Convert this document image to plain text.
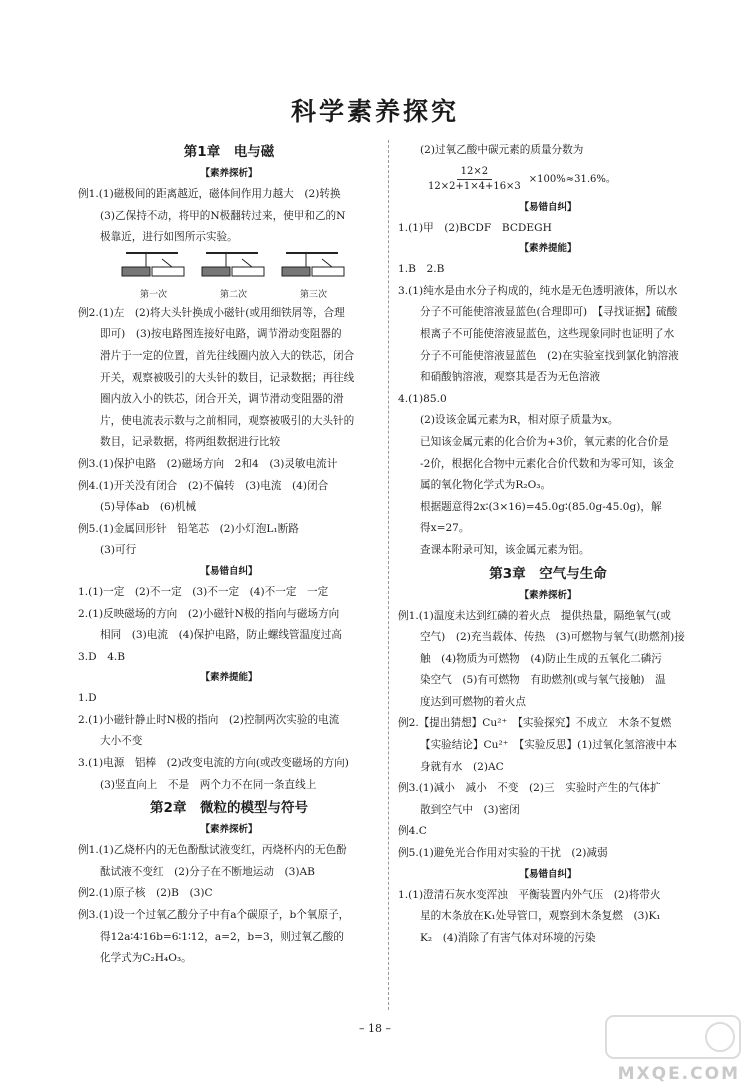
科学素养探究
第1章　电与磁
【素养探析】
例1.(1)磁极间的距离越近，磁体间作用力越大　(2)转换
(3)乙保持不动，将甲的N极翻转过来，使甲和乙的N
极靠近，进行如图所示实验。
第一次	第二次	第三次
例2.(1)左　(2)将大头针换成小磁针(或用细铁屑等，合理
即可)　(3)按电路图连接好电路，调节滑动变阻器的
滑片于一定的位置，首先往线圈内放入大的铁芯，闭合
开关，观察被吸引的大头针的数目，记录数据；再往线
圈内放入小的铁芯，闭合开关，调节滑动变阻器的滑
片，使电流表示数与之前相同，观察被吸引的大头针的
数目，记录数据，将两组数据进行比较
例3.(1)保护电路　(2)磁场方向　2和4　(3)灵敏电流计
例4.(1)开关没有闭合　(2)不偏转　(3)电流　(4)闭合
(5)导体ab　(6)机械
例5.(1)金属回形针　铅笔芯　(2)小灯泡L₁断路
(3)可行
【易错自纠】
1.(1)一定　(2)不一定　(3)不一定　(4)不一定　一定
2.(1)反映磁场的方向　(2)小磁针N极的指向与磁场方向
相同　(3)电流　(4)保护电路，防止螺线管温度过高
3.D　4.B
【素养提能】
1.D
2.(1)小磁针静止时N极的指向　(2)控制两次实验的电流
大小不变
3.(1)电源　铝棒　(2)改变电流的方向(或改变磁场的方向)
(3)竖直向上　不是　两个力不在同一条直线上
第2章　微粒的模型与符号
【素养探析】
例1.(1)乙烧杯内的无色酚酞试液变红，丙烧杯内的无色酚
酞试液不变红　(2)分子在不断地运动　(3)AB
例2.(1)原子核　(2)B　(3)C
例3.(1)设一个过氧乙酸分子中有a个碳原子，b个氧原子，
得12a∶4∶16b=6∶1∶12，a=2，b=3，则过氧乙酸的
化学式为C₂H₄O₃。
(2)过氧乙酸中碳元素的质量分数为
$\frac{12\times 2}{12\times 2+1\times 4+16\times 3} \times 100\%\approx 31.6\%$。
【易错自纠】
1.(1)甲　(2)BCDF　BCDEGH
【素养提能】
1.B　2.B
3.(1)纯水是由水分子构成的，纯水是无色透明液体，所以水
分子不可能使溶液显蓝色(合理即可)　【寻找证据】硫酸
根离子不可能使溶液显蓝色，这些现象同时也证明了水
分子不可能使溶液显蓝色　(2)在实验室找到氯化钠溶液
和硝酸钠溶液，观察其是否为无色溶液
4.(1)85.0
(2)设该金属元素为R，相对原子质量为x。
已知该金属元素的化合价为+3价，氧元素的化合价是
-2价，根据化合物中元素化合价代数和为零可知，该金
属的氧化物化学式为R₂O₃。
根据题意得2x∶(3×16)=45.0g∶(85.0g-45.0g)，解
得x=27。
查课本附录可知，该金属元素为铝。
第3章　空气与生命
【素养探析】
例1.(1)温度未达到红磷的着火点　提供热量，隔绝氧气(或
空气)　(2)充当载体、传热　(3)可燃物与氧气(助燃剂)接
触　(4)物质为可燃物　(4)防止生成的五氧化二磷污
染空气　(5)有可燃物　有助燃剂(或与氧气接触)　温
度达到可燃物的着火点
例2.【提出猜想】Cu²⁺　【实验探究】不成立　木条不复燃
【实验结论】Cu²⁺　【实验反思】(1)过氧化氢溶液中本
身就有水　(2)AC
例3.(1)减小　减小　不变　(2)三　实验时产生的气体扩
散到空气中　(3)密闭
例4.C
例5.(1)避免光合作用对实验的干扰　(2)减弱
【易错自纠】
1.(1)澄清石灰水变浑浊　平衡装置内外气压　(2)将带火
星的木条放在K₁处导管口，观察到木条复燃　(3)K₁
K₂　(4)消除了有害气体对环境的污染
– 18 –
MXQE.COM
